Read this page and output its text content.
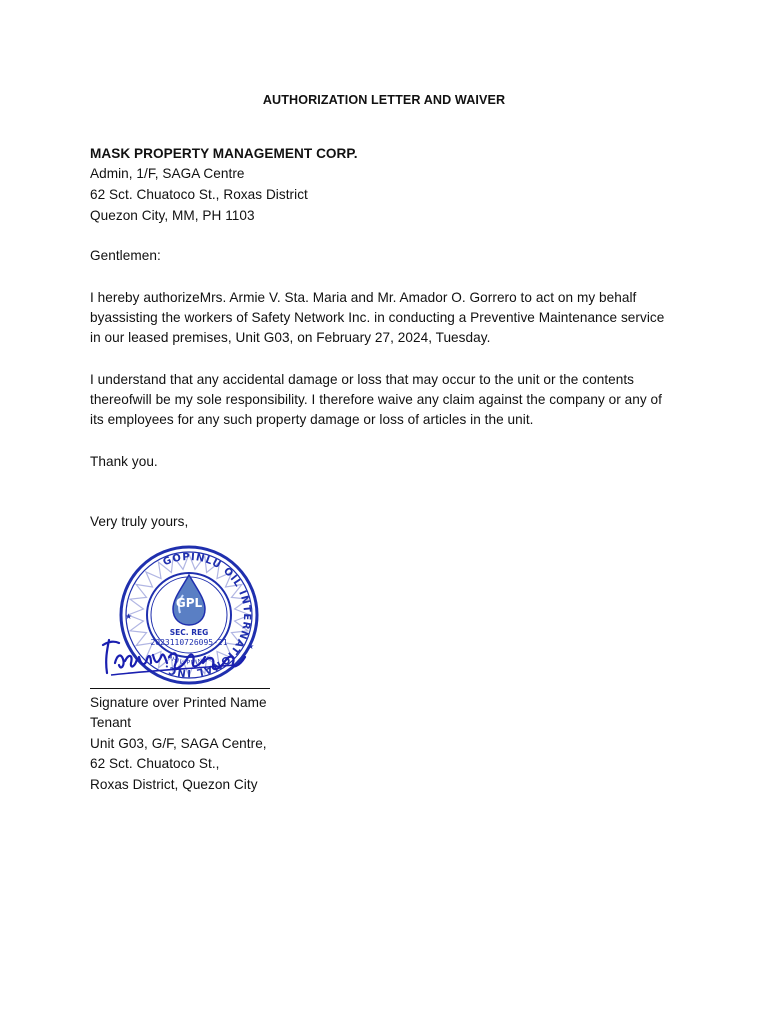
AUTHORIZATION LETTER AND WAIVER
MASK PROPERTY MANAGEMENT CORP.
Admin, 1/F, SAGA Centre
62 Sct. Chuatoco St., Roxas District
Quezon City, MM, PH 1103
Gentlemen:
I hereby authorizeMrs. Armie V. Sta. Maria and Mr. Amador O. Gorrero to act on my behalf
byassisting the workers of Safety Network Inc. in conducting a Preventive Maintenance service
in our leased premises, Unit G03, on February 27, 2024, Tuesday.
I understand that any accidental damage or loss that may occur to the unit or the contents
thereofwill be my sole responsibility. I therefore waive any claim against the company or any of
its employees for any such property damage or loss of articles in the unit.
Thank you.
Very truly yours,
GOPINLU OIL INTERNATIONAL INC.
GPL
SEC. REG
2023110726095-21
PHILIPPINES
★
★
Signature over Printed Name
Tenant
Unit G03, G/F, SAGA Centre,
62 Sct. Chuatoco St.,
Roxas District, Quezon City
